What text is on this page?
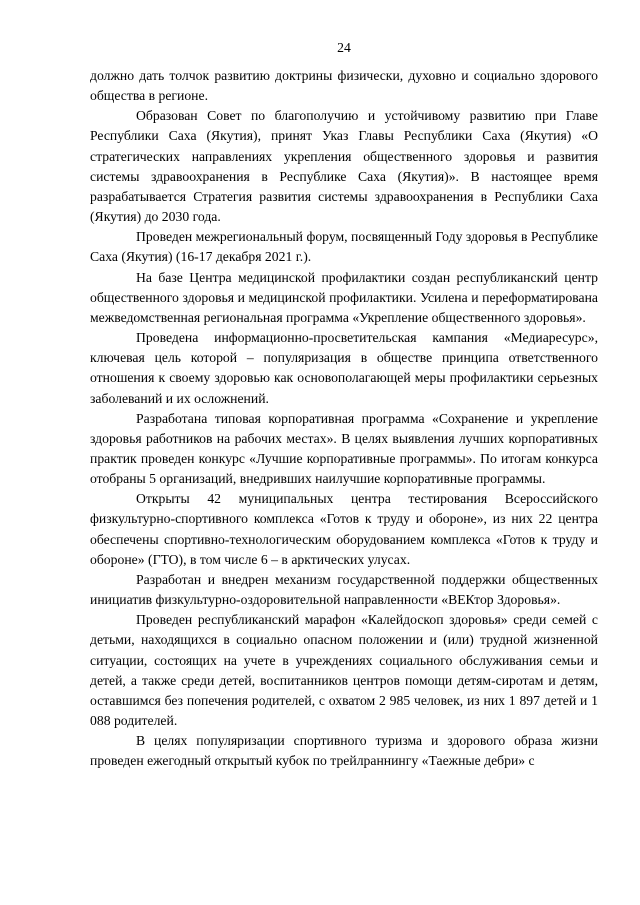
24

должно дать толчок развитию доктрины физически, духовно и социально здорового общества в регионе.

Образован Совет по благополучию и устойчивому развитию при Главе Республики Саха (Якутия), принят Указ Главы Республики Саха (Якутия) «О стратегических направлениях укрепления общественного здоровья и развития системы здравоохранения в Республике Саха (Якутия)». В настоящее время разрабатывается Стратегия развития системы здравоохранения в Республики Саха (Якутия) до 2030 года.

Проведен межрегиональный форум, посвященный Году здоровья в Республике Саха (Якутия) (16-17 декабря 2021 г.).

На базе Центра медицинской профилактики создан республиканский центр общественного здоровья и медицинской профилактики. Усилена и переформатирована межведомственная региональная программа «Укрепление общественного здоровья».

Проведена информационно-просветительская кампания «Медиаресурс», ключевая цель которой – популяризация в обществе принципа ответственного отношения к своему здоровью как основополагающей меры профилактики серьезных заболеваний и их осложнений.

Разработана типовая корпоративная программа «Сохранение и укрепление здоровья работников на рабочих местах». В целях выявления лучших корпоративных практик проведен конкурс «Лучшие корпоративные программы». По итогам конкурса отобраны 5 организаций, внедривших наилучшие корпоративные программы.

Открыты 42 муниципальных центра тестирования Всероссийского физкультурно-спортивного комплекса «Готов к труду и обороне», из них 22 центра обеспечены спортивно-технологическим оборудованием комплекса «Готов к труду и обороне» (ГТО), в том числе 6 – в арктических улусах.

Разработан и внедрен механизм государственной поддержки общественных инициатив физкультурно-оздоровительной направленности «ВЕКтор Здоровья».

Проведен республиканский марафон «Калейдоскоп здоровья» среди семей с детьми, находящихся в социально опасном положении и (или) трудной жизненной ситуации, состоящих на учете в учреждениях социального обслуживания семьи и детей, а также среди детей, воспитанников центров помощи детям-сиротам и детям, оставшимся без попечения родителей, с охватом 2 985 человек, из них 1 897 детей и 1 088 родителей.

В целях популяризации спортивного туризма и здорового образа жизни проведен ежегодный открытый кубок по трейлраннингу «Таежные дебри» с
